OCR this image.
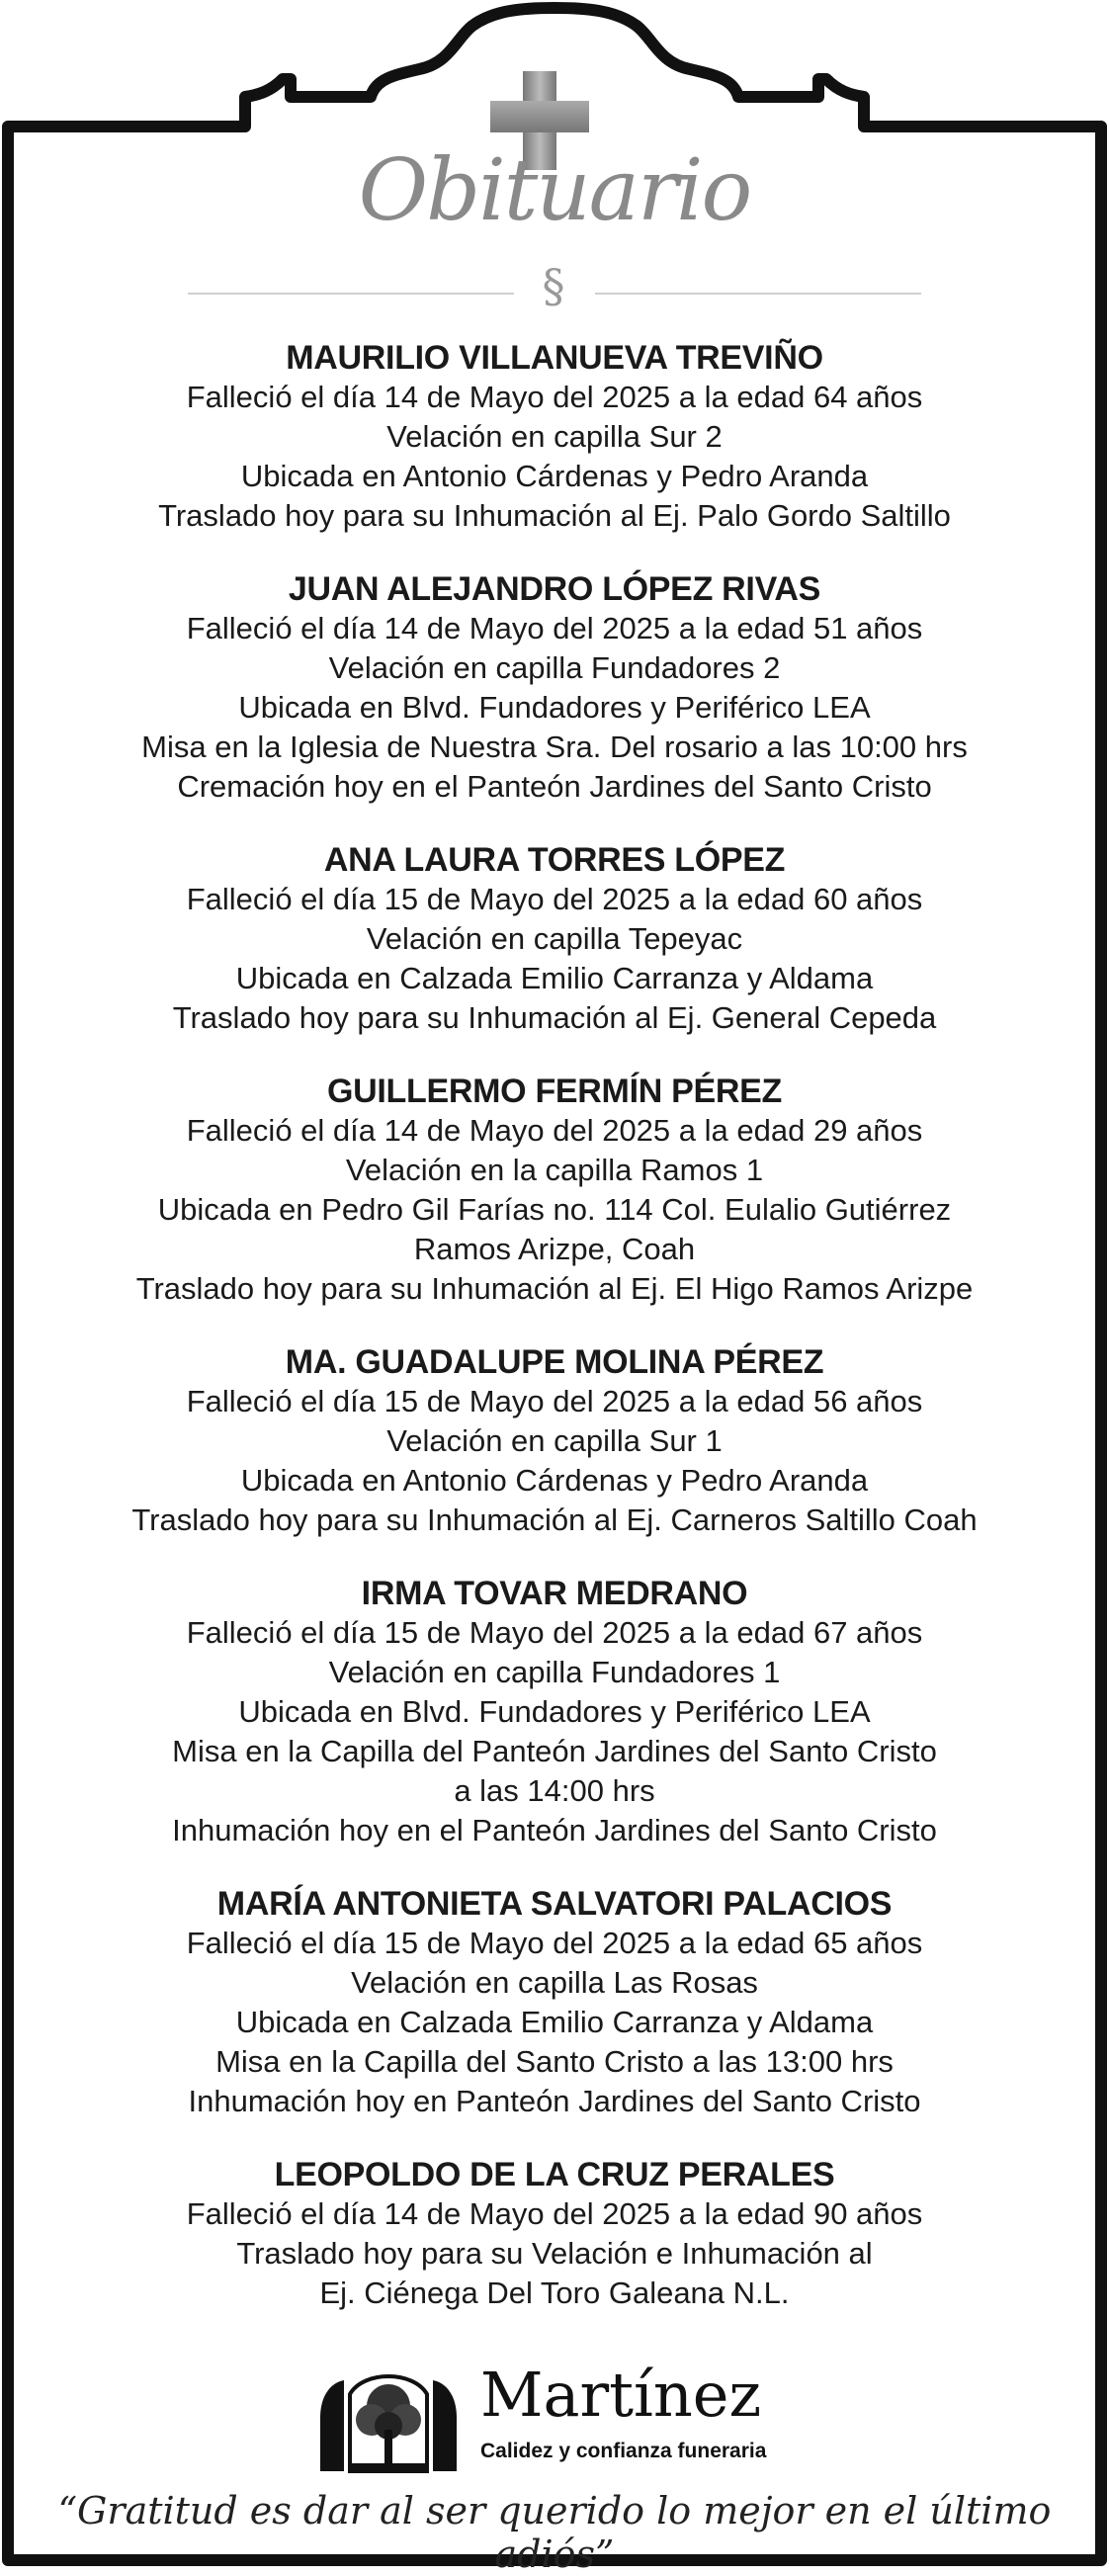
Obituario
§
MAURILIO VILLANUEVA TREVIÑO
Falleció el día 14 de Mayo del 2025 a la edad 64 años
Velación en capilla Sur 2
Ubicada en Antonio Cárdenas y Pedro Aranda
Traslado hoy para su Inhumación al Ej. Palo Gordo Saltillo
JUAN ALEJANDRO LÓPEZ RIVAS
Falleció el día 14 de Mayo del 2025 a la edad 51 años
Velación en capilla Fundadores 2
Ubicada en Blvd. Fundadores y Periférico LEA
Misa en la Iglesia de Nuestra Sra. Del rosario a las 10:00 hrs
Cremación hoy en el Panteón Jardines del Santo Cristo
ANA LAURA TORRES LÓPEZ
Falleció el día 15 de Mayo del 2025 a la edad 60 años
Velación en capilla Tepeyac
Ubicada en Calzada Emilio Carranza y Aldama
Traslado hoy para su Inhumación al Ej. General Cepeda
GUILLERMO FERMÍN PÉREZ
Falleció el día 14 de Mayo del 2025 a la edad 29 años
Velación en la capilla Ramos 1
Ubicada en Pedro Gil Farías no. 114 Col. Eulalio Gutiérrez
Ramos Arizpe, Coah
Traslado hoy para su Inhumación al Ej. El Higo Ramos Arizpe
MA. GUADALUPE MOLINA PÉREZ
Falleció el día 15 de Mayo del 2025 a la edad 56 años
Velación en capilla Sur 1
Ubicada en Antonio Cárdenas y Pedro Aranda
Traslado hoy para su Inhumación al Ej. Carneros Saltillo Coah
IRMA TOVAR MEDRANO
Falleció el día 15 de Mayo del 2025 a la edad 67 años
Velación en capilla Fundadores 1
Ubicada en Blvd. Fundadores y Periférico LEA
Misa en la Capilla del Panteón Jardines del Santo Cristo
a las 14:00 hrs
Inhumación hoy en el Panteón Jardines del Santo Cristo
MARÍA ANTONIETA SALVATORI PALACIOS
Falleció el día 15 de Mayo del 2025 a la edad 65 años
Velación en capilla Las Rosas
Ubicada en Calzada Emilio Carranza y Aldama
Misa en la Capilla del Santo Cristo a las 13:00 hrs
Inhumación hoy en Panteón Jardines del Santo Cristo
LEOPOLDO DE LA CRUZ PERALES
Falleció el día 14 de Mayo del 2025 a la edad 90 años
Traslado hoy para su Velación e Inhumación al
Ej. Ciénega Del Toro Galeana N.L.
Martínez
Calidez y confianza funeraria
“Gratitud es dar al ser querido lo mejor en el último adiós”
